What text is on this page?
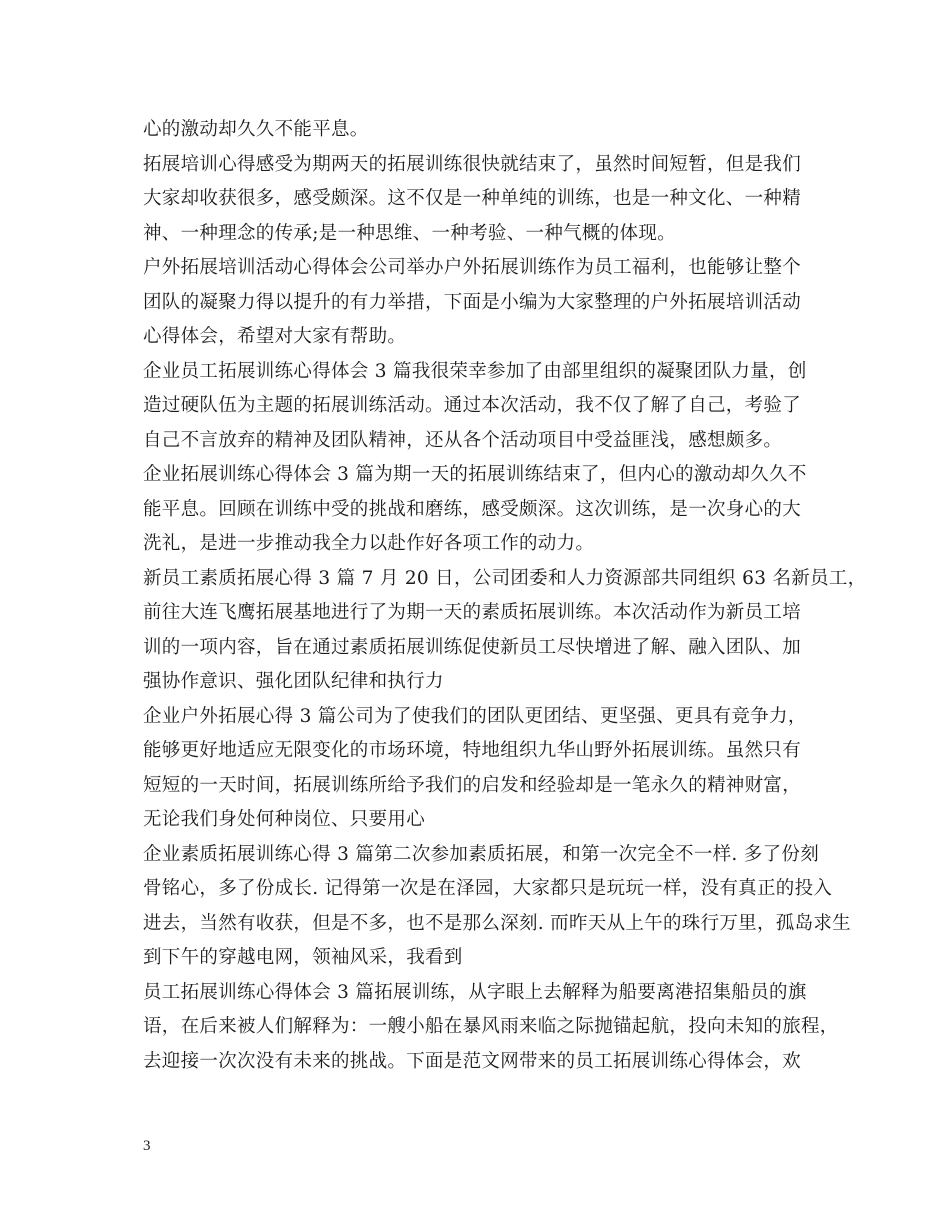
心的激动却久久不能平息。
拓展培训心得感受为期两天的拓展训练很快就结束了，虽然时间短暂，但是我们
大家却收获很多，感受颇深。这不仅是一种单纯的训练，也是一种文化、一种精
神、一种理念的传承;是一种思维、一种考验、一种气概的体现。
户外拓展培训活动心得体会公司举办户外拓展训练作为员工福利，也能够让整个
团队的凝聚力得以提升的有力举措，下面是小编为大家整理的户外拓展培训活动
心得体会，希望对大家有帮助。
企业员工拓展训练心得体会 3 篇我很荣幸参加了由部里组织的凝聚团队力量，创
造过硬队伍为主题的拓展训练活动。通过本次活动，我不仅了解了自己，考验了
自己不言放弃的精神及团队精神，还从各个活动项目中受益匪浅，感想颇多。
企业拓展训练心得体会 3 篇为期一天的拓展训练结束了，但内心的激动却久久不
能平息。回顾在训练中受的挑战和磨练，感受颇深。这次训练，是一次身心的大
洗礼，是进一步推动我全力以赴作好各项工作的动力。
新员工素质拓展心得 3 篇 7 月 20 日，公司团委和人力资源部共同组织 63 名新员工，
前往大连飞鹰拓展基地进行了为期一天的素质拓展训练。本次活动作为新员工培
训的一项内容，旨在通过素质拓展训练促使新员工尽快增进了解、融入团队、加
强协作意识、强化团队纪律和执行力
企业户外拓展心得 3 篇公司为了使我们的团队更团结、更坚强、更具有竞争力，
能够更好地适应无限变化的市场环境，特地组织九华山野外拓展训练。虽然只有
短短的一天时间，拓展训练所给予我们的启发和经验却是一笔永久的精神财富，
无论我们身处何种岗位、只要用心
企业素质拓展训练心得 3 篇第二次参加素质拓展，和第一次完全不一样. 多了份刻
骨铭心，多了份成长. 记得第一次是在泽园，大家都只是玩玩一样，没有真正的投入
进去，当然有收获，但是不多，也不是那么深刻. 而昨天从上午的珠行万里，孤岛求生
到下午的穿越电网，领袖风采，我看到
员工拓展训练心得体会 3 篇拓展训练，从字眼上去解释为船要离港招集船员的旗
语，在后来被人们解释为：一艘小船在暴风雨来临之际抛锚起航，投向未知的旅程，
去迎接一次次没有未来的挑战。下面是范文网带来的员工拓展训练心得体会，欢
3
